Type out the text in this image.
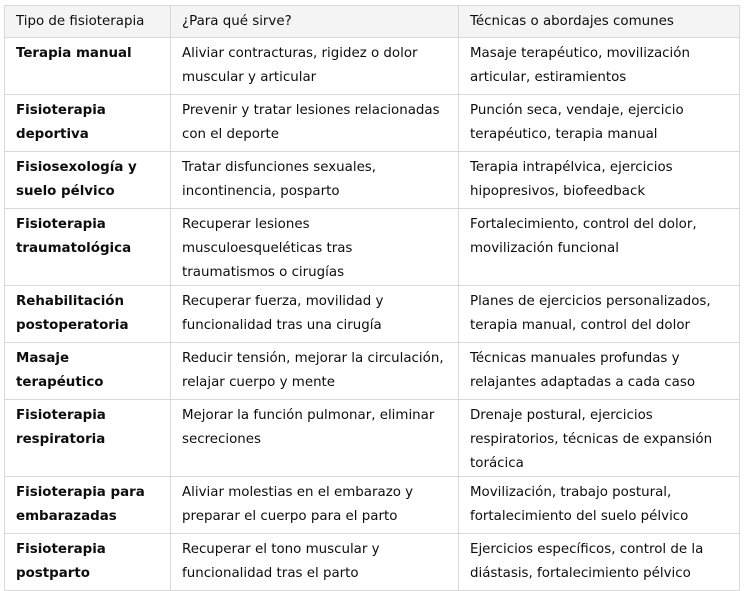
Tipo de fisioterapia	¿Para qué sirve?	Técnicas o abordajes comunes
Terapia manual	Aliviar contracturas, rigidez o dolor muscular y articular	Masaje terapéutico, movilización articular, estiramientos
Fisioterapia deportiva	Prevenir y tratar lesiones relacionadas con el deporte	Punción seca, vendaje, ejercicio terapéutico, terapia manual
Fisiosexología y suelo pélvico	Tratar disfunciones sexuales, incontinencia, posparto	Terapia intrapélvica, ejercicios hipopresivos, biofeedback
Fisioterapia traumatológica	Recuperar lesiones musculoesqueléticas tras traumatismos o cirugías	Fortalecimiento, control del dolor, movilización funcional
Rehabilitación postoperatoria	Recuperar fuerza, movilidad y funcionalidad tras una cirugía	Planes de ejercicios personalizados, terapia manual, control del dolor
Masaje terapéutico	Reducir tensión, mejorar la circulación, relajar cuerpo y mente	Técnicas manuales profundas y relajantes adaptadas a cada caso
Fisioterapia respiratoria	Mejorar la función pulmonar, eliminar secreciones	Drenaje postural, ejercicios respiratorios, técnicas de expansión torácica
Fisioterapia para embarazadas	Aliviar molestias en el embarazo y preparar el cuerpo para el parto	Movilización, trabajo postural, fortalecimiento del suelo pélvico
Fisioterapia postparto	Recuperar el tono muscular y funcionalidad tras el parto	Ejercicios específicos, control de la diástasis, fortalecimiento pélvico
